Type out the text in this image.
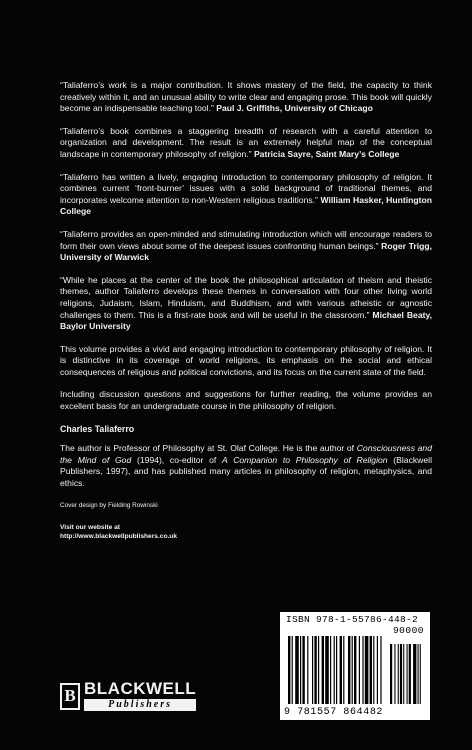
“Taliaferro’s work is a major contribution. It shows mastery of the field, the capacity to think creatively within it, and an unusual ability to write clear and engaging prose. This book will quickly become an indispensable teaching tool.” Paul J. Griffiths, University of Chicago

“Taliaferro’s book combines a staggering breadth of research with a careful attention to organization and development. The result is an extremely helpful map of the conceptual landscape in contemporary philosophy of religion.” Patricia Sayre, Saint Mary’s College

“Taliaferro has written a lively, engaging introduction to contemporary philosophy of religion. It combines current ‘front-burner’ issues with a solid background of traditional themes, and incorporates welcome attention to non-Western religious traditions.” William Hasker, Huntington College

“Taliaferro provides an open-minded and stimulating introduction which will encourage readers to form their own views about some of the deepest issues confronting human beings.” Roger Trigg, University of Warwick

“While he places at the center of the book the philosophical articulation of theism and theistic themes, author Taliaferro develops these themes in conversation with four other living world religions, Judaism, Islam, Hinduism, and Buddhism, and with various atheistic or agnostic challenges to them. This is a first-rate book and will be useful in the classroom.” Michael Beaty, Baylor University

This volume provides a vivid and engaging introduction to contemporary philosophy of religion. It is distinctive in its coverage of world religions, its emphasis on the social and ethical consequences of religious and political convictions, and its focus on the current state of the field.

Including discussion questions and suggestions for further reading, the volume provides an excellent basis for an undergraduate course in the philosophy of religion.

Charles Taliaferro

The author is Professor of Philosophy at St. Olaf College. He is the author of Consciousness and the Mind of God (1994), co-editor of A Companion to Philosophy of Religion (Blackwell Publishers, 1997), and has published many articles in philosophy of religion, metaphysics, and ethics.

Cover design by Fielding Rowinski

Visit our website at

http://www.blackwellpublishers.co.uk

B BLACKWELL
Publishers
ISBN 978-1-55786-448-2
90000
9 781557 864482
